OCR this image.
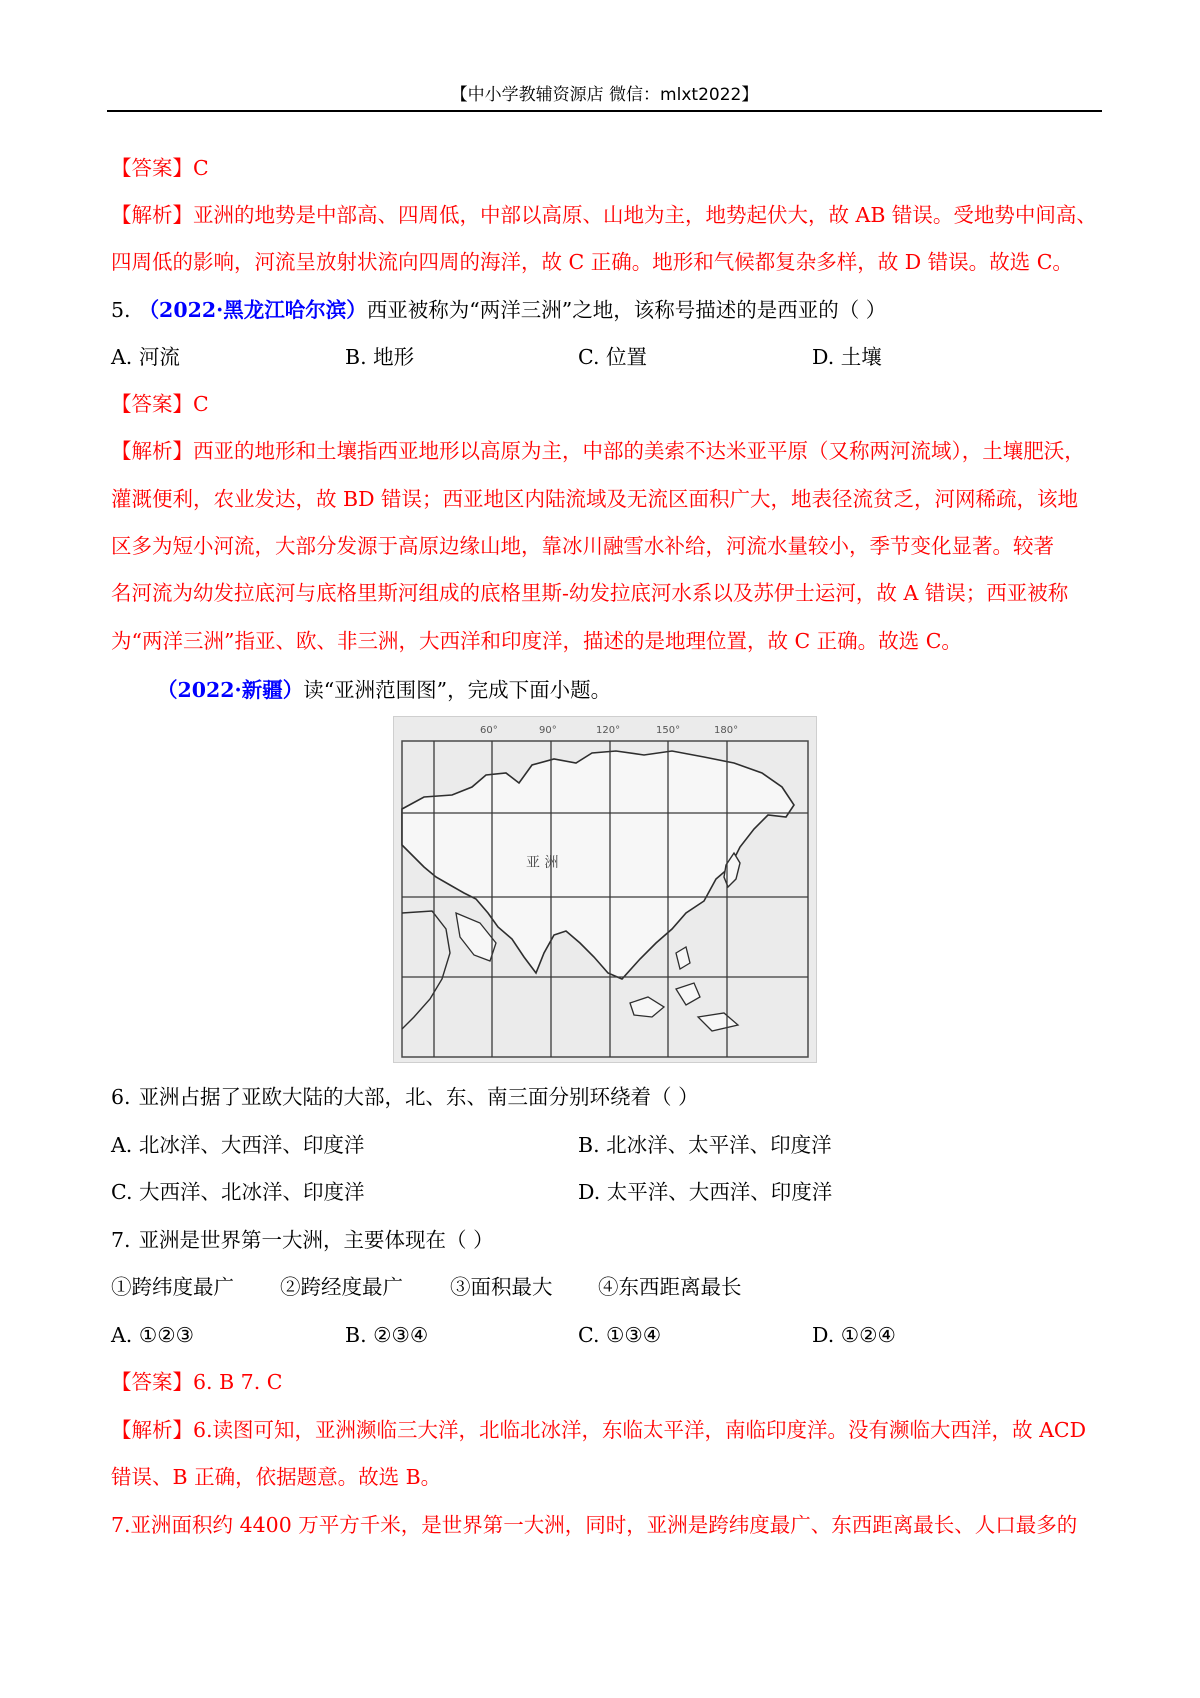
【中小学教辅资源店 微信：mlxt2022】
【答案】C
【解析】亚洲的地势是中部高、四周低，中部以高原、山地为主，地势起伏大，故 AB 错误。受地势中间高、
四周低的影响，河流呈放射状流向四周的海洋，故 C 正确。地形和气候都复杂多样，故 D 错误。故选 C。
5. （2022·黑龙江哈尔滨）西亚被称为“两洋三洲”之地，该称号描述的是西亚的（ ）
A. 河流	B. 地形	C. 位置	D. 土壤
【答案】C
【解析】西亚的地形和土壤指西亚地形以高原为主，中部的美索不达米亚平原（又称两河流域），土壤肥沃，
灌溉便利，农业发达，故 BD 错误；西亚地区内陆流域及无流区面积广大，地表径流贫乏，河网稀疏，该地
区多为短小河流，大部分发源于高原边缘山地，靠冰川融雪水补给，河流水量较小，季节变化显著。较著
名河流为幼发拉底河与底格里斯河组成的底格里斯-幼发拉底河水系以及苏伊士运河，故 A 错误；西亚被称
为“两洋三洲”指亚、欧、非三洲，大西洋和印度洋，描述的是地理位置，故 C 正确。故选 C。
（2022·新疆）读“亚洲范围图”，完成下面小题。
60°	90°	120°	150°	180°
亚 洲
6. 亚洲占据了亚欧大陆的大部，北、东、南三面分别环绕着（ ）
A. 北冰洋、大西洋、印度洋	B. 北冰洋、太平洋、印度洋
C. 大西洋、北冰洋、印度洋	D. 太平洋、大西洋、印度洋
7. 亚洲是世界第一大洲，主要体现在（ ）
①跨纬度最广 ②跨经度最广 ③面积最大 ④东西距离最长
A. ①②③	B. ②③④	C. ①③④	D. ①②④
【答案】6. B 7. C
【解析】6.读图可知，亚洲濒临三大洋，北临北冰洋，东临太平洋，南临印度洋。没有濒临大西洋，故 ACD
错误、B 正确，依据题意。故选 B。
7.亚洲面积约 4400 万平方千米，是世界第一大洲，同时，亚洲是跨纬度最广、东西距离最长、人口最多的
